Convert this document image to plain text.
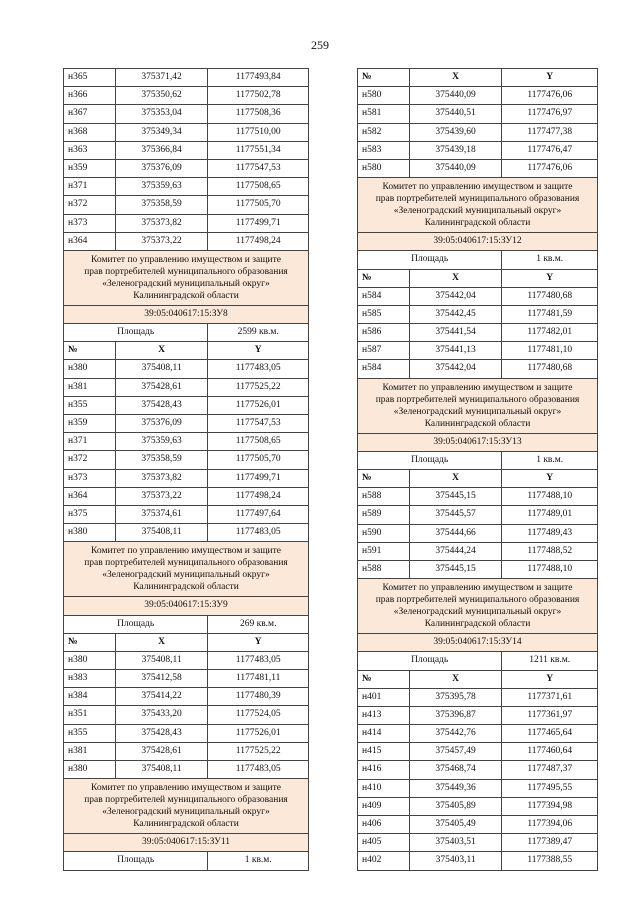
259
н365	375371,42	1177493,84
н366	375350,62	1177502,78
н367	375353,04	1177508,36
н368	375349,34	1177510,00
н363	375366,84	1177551,34
н359	375376,09	1177547,53
н371	375359,63	1177508,65
н372	375358,59	1177505,70
н373	375373,82	1177499,71
н364	375373,22	1177498,24
Комитет по управлению имуществом и защите
прав портребителей муниципального образования
«Зеленоградский муниципальный округ»
Калининградской области
39:05:040617:15:ЗУ8
Площадь	2599 кв.м.
№	X	Y
н380	375408,11	1177483,05
н381	375428,61	1177525,22
н355	375428,43	1177526,01
н359	375376,09	1177547,53
н371	375359,63	1177508,65
н372	375358,59	1177505,70
н373	375373,82	1177499,71
н364	375373,22	1177498,24
н375	375374,61	1177497,64
н380	375408,11	1177483,05
Комитет по управлению имуществом и защите
прав портребителей муниципального образования
«Зеленоградский муниципальный округ»
Калининградской области
39:05:040617:15:ЗУ9
Площадь	269 кв.м.
№	X	Y
н380	375408,11	1177483,05
н383	375412,58	1177481,11
н384	375414,22	1177480,39
н351	375433,20	1177524,05
н355	375428,43	1177526,01
н381	375428,61	1177525,22
н380	375408,11	1177483,05
Комитет по управлению имуществом и защите
прав портребителей муниципального образования
«Зеленоградский муниципальный округ»
Калининградской области
39:05:040617:15:ЗУ11
Площадь	1 кв.м.
№	X	Y
н580	375440,09	1177476,06
н581	375440,51	1177476,97
н582	375439,60	1177477,38
н583	375439,18	1177476,47
н580	375440,09	1177476,06
Комитет по управлению имуществом и защите
прав портребителей муниципального образования
«Зеленоградский муниципальный округ»
Калининградской области
39:05:040617:15:ЗУ12
Площадь	1 кв.м.
№	X	Y
н584	375442,04	1177480,68
н585	375442,45	1177481,59
н586	375441,54	1177482,01
н587	375441,13	1177481,10
н584	375442,04	1177480,68
Комитет по управлению имуществом и защите
прав портребителей муниципального образования
«Зеленоградский муниципальный округ»
Калининградской области
39:05:040617:15:ЗУ13
Площадь	1 кв.м.
№	X	Y
н588	375445,15	1177488,10
н589	375445,57	1177489,01
н590	375444,66	1177489,43
н591	375444,24	1177488,52
н588	375445,15	1177488,10
Комитет по управлению имуществом и защите
прав портребителей муниципального образования
«Зеленоградский муниципальный округ»
Калининградской области
39:05:040617:15:ЗУ14
Площадь	1211 кв.м.
№	X	Y
н401	375395,78	1177371,61
н413	375396,87	1177361,97
н414	375442,76	1177465,64
н415	375457,49	1177460,64
н416	375468,74	1177487,37
н410	375449,36	1177495,55
н409	375405,89	1177394,98
н406	375405,49	1177394,06
н405	375403,51	1177389,47
н402	375403,11	1177388,55
